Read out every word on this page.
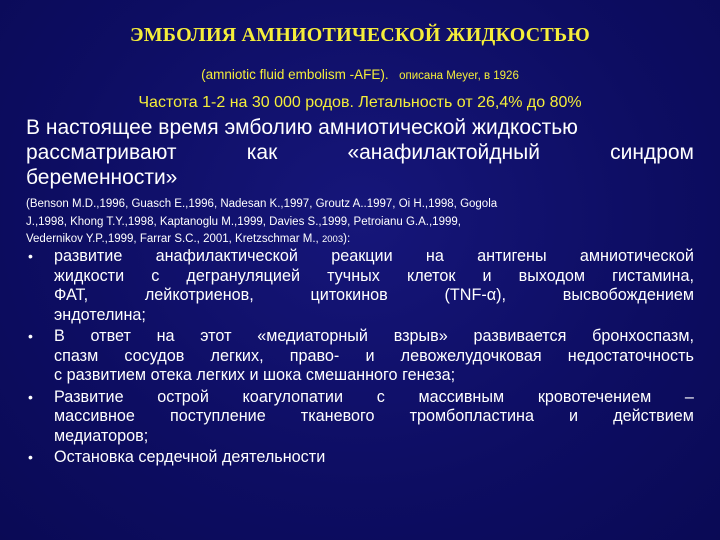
ЭМБОЛИЯ АМНИОТИЧЕСКОЙ ЖИДКОСТЬЮ
(amniotic fluid embolism -AFE). описана Meyer, в 1926
Частота 1-2 на 30 000 родов. Летальность от 26,4% до 80%
В настоящее время эмболию амниотической жидкостью
рассматривают	как	«анафилактойдный	синдром
беременности»
(Benson M.D.,1996, Guasch E.,1996, Nadesan K.,1997, Groutz A..1997, Oi H.,1998, Gogola
J.,1998, Khong T.Y.,1998, Kaptanoglu M.,1999, Davies S.,1999, Petroianu G.A.,1999,
Vedernikov Y.P.,1999, Farrar S.C., 2001, Kretzschmar M., 2003):
• развитие анафилактической реакции на антигены амниотической
жидкости с дегрануляцией тучных клеток и выходом гистамина,
ФАТ,	лейкотриенов,	цитокинов	(TNF-α),	высвобождением
эндотелина;
• В ответ на этот «медиаторный взрыв» развивается бронхоспазм,
спазм сосудов легких, право- и левожелудочковая недостаточность
с развитием отека легких и шока смешанного генеза;
• Развитие острой коагулопатии с массивным кровотечением –
массивное поступление тканевого тромбопластина и действием
медиаторов;
• Остановка сердечной деятельности
